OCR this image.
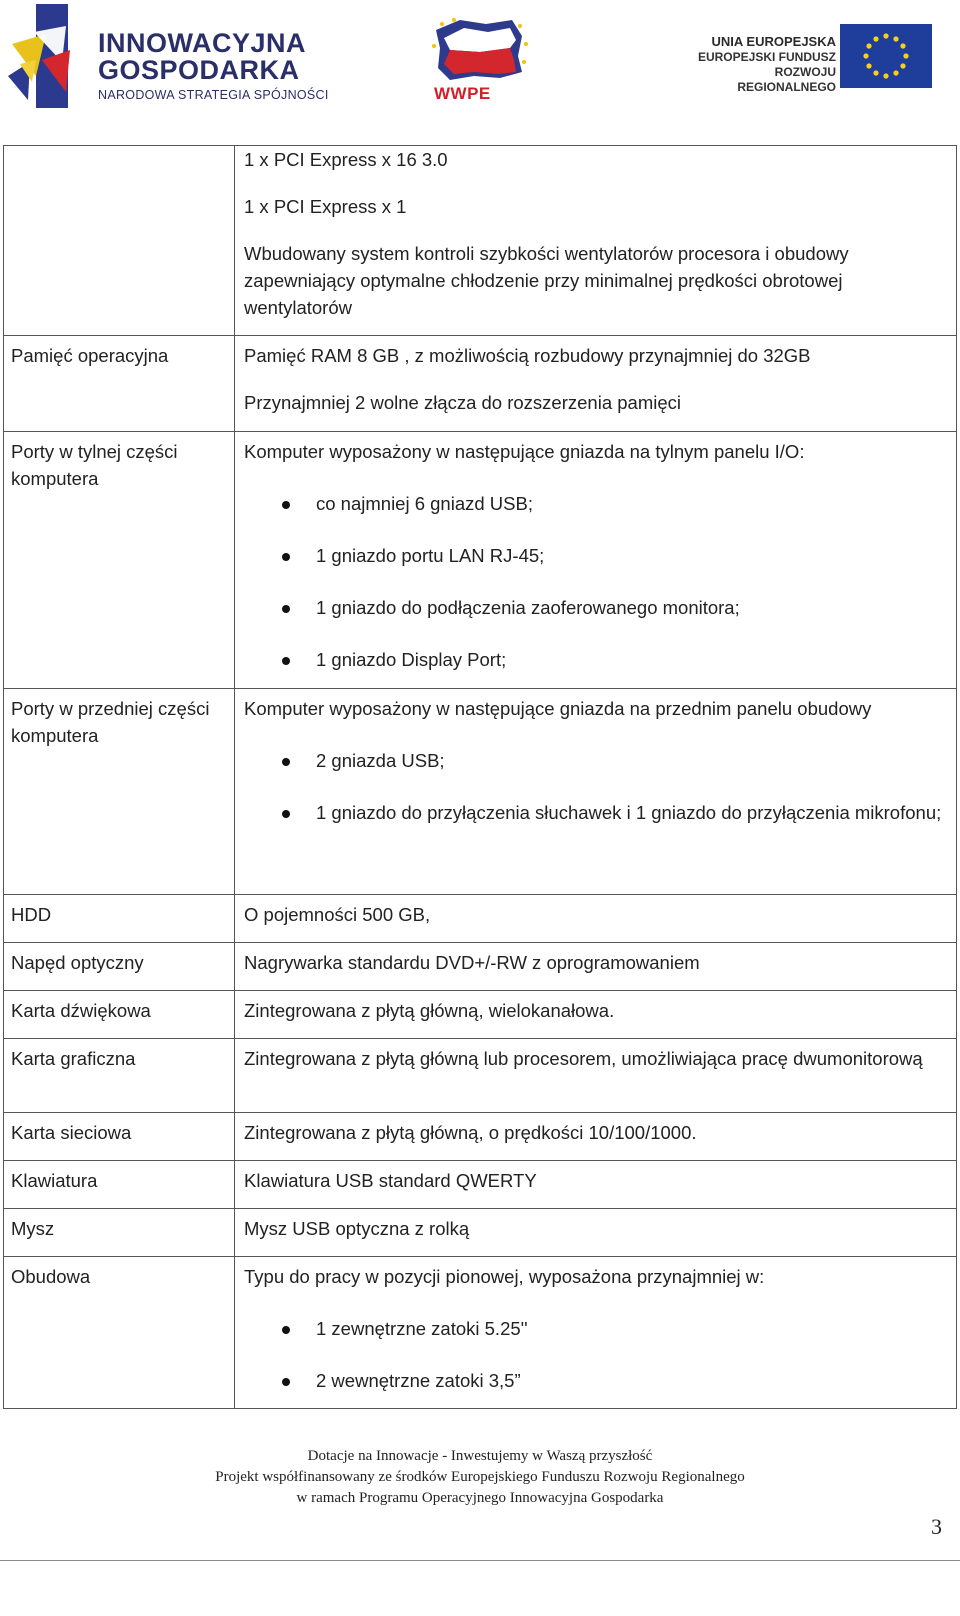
INNOWACYJNA
GOSPODARKA
NARODOWA STRATEGIA SPÓJNOŚCI	WWPE
UNIA EUROPEJSKA
EUROPEJSKI FUNDUSZ
ROZWOJU REGIONALNEGO

	1 x PCI Express x 16 3.0
1 x PCI Express x 1
Wbudowany system kontroli szybkości wentylatorów procesora i obudowy zapewniający optymalne chłodzenie przy minimalnej prędkości obrotowej wentylatorów

Pamięć operacyjna	Pamięć RAM 8 GB , z możliwością rozbudowy przynajmniej do 32GB
Przynajmniej 2 wolne złącza do rozszerzenia pamięci

Porty w tylnej części komputera	Komputer wyposażony w następujące gniazda na tylnym panelu I/O:
co najmniej 6 gniazd USB;
1 gniazdo portu LAN RJ-45;
1 gniazdo do podłączenia zaoferowanego monitora;
1 gniazdo Display Port;

Porty w przedniej części komputera	Komputer wyposażony w następujące gniazda na przednim panelu obudowy
2 gniazda USB;
1 gniazdo do przyłączenia słuchawek i 1 gniazdo do przyłączenia mikrofonu;

HDD	O pojemności 500 GB,
Napęd optyczny	Nagrywarka standardu DVD+/-RW z oprogramowaniem
Karta dźwiękowa	Zintegrowana z płytą główną, wielokanałowa.
Karta graficzna	Zintegrowana z płytą główną lub procesorem, umożliwiająca pracę dwumonitorową
Karta sieciowa	Zintegrowana z płytą główną, o prędkości 10/100/1000.
Klawiatura	Klawiatura USB standard QWERTY
Mysz	Mysz USB optyczna z rolką
Obudowa	Typu do pracy w pozycji pionowej, wyposażona przynajmniej w:
1 zewnętrzne zatoki 5.25''
2 wewnętrzne zatoki 3,5”
Dotacje na Innowacje - Inwestujemy w Waszą przyszłość
Projekt współfinansowany ze środków Europejskiego Funduszu Rozwoju Regionalnego
w ramach Programu Operacyjnego Innowacyjna Gospodarka
3
